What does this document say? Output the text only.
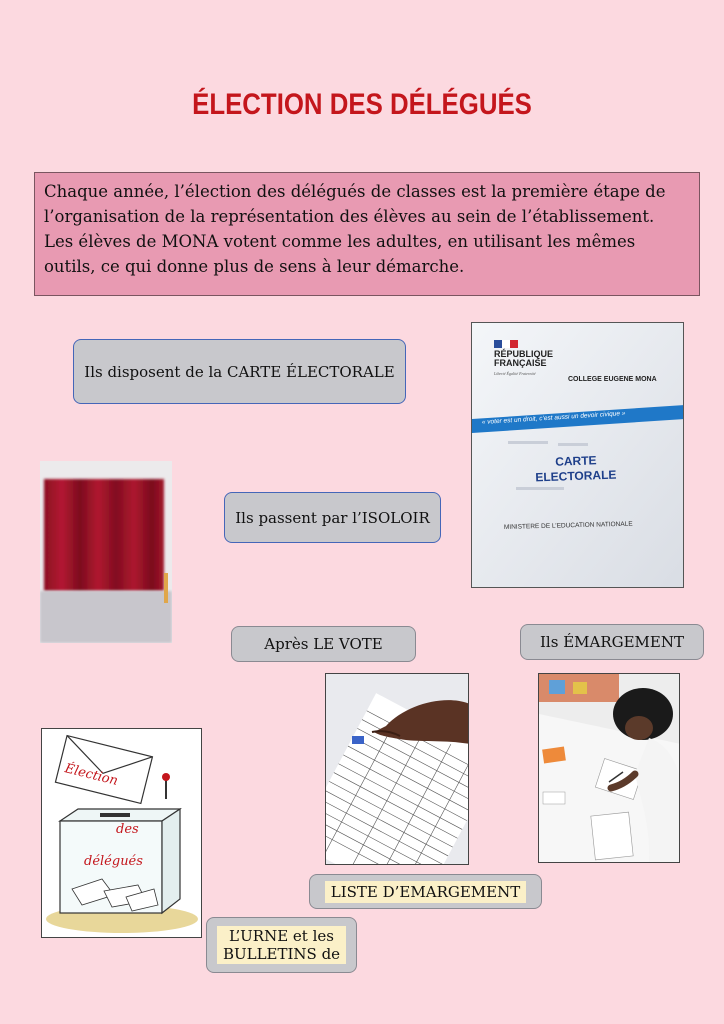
ÉLECTION DES DÉLÉGUÉS

Chaque année, l’élection des délégués de classes est la première étape de

l’organisation de la représentation des élèves au sein de l’établissement.

Les élèves de MONA votent comme les adultes, en utilisant les mêmes

outils, ce qui donne plus de sens à leur démarche.

Ils disposent de la CARTE ÉLECTORALE
RÉPUBLIQUE
FRANÇAISE
Liberté Égalité Fraternité
COLLEGE EUGENE MONA
« voter est un droit, c’est aussi un devoir civique »
CARTE
ELECTORALE
MINISTERE DE L’EDUCATION NATIONALE
Ils passent par l’ISOLOIR
Après LE VOTE	Ils ÉMARGEMENT
Élection
des
délégués
LISTE D’EMARGEMENT
L’URNE et les
BULLETINS de
